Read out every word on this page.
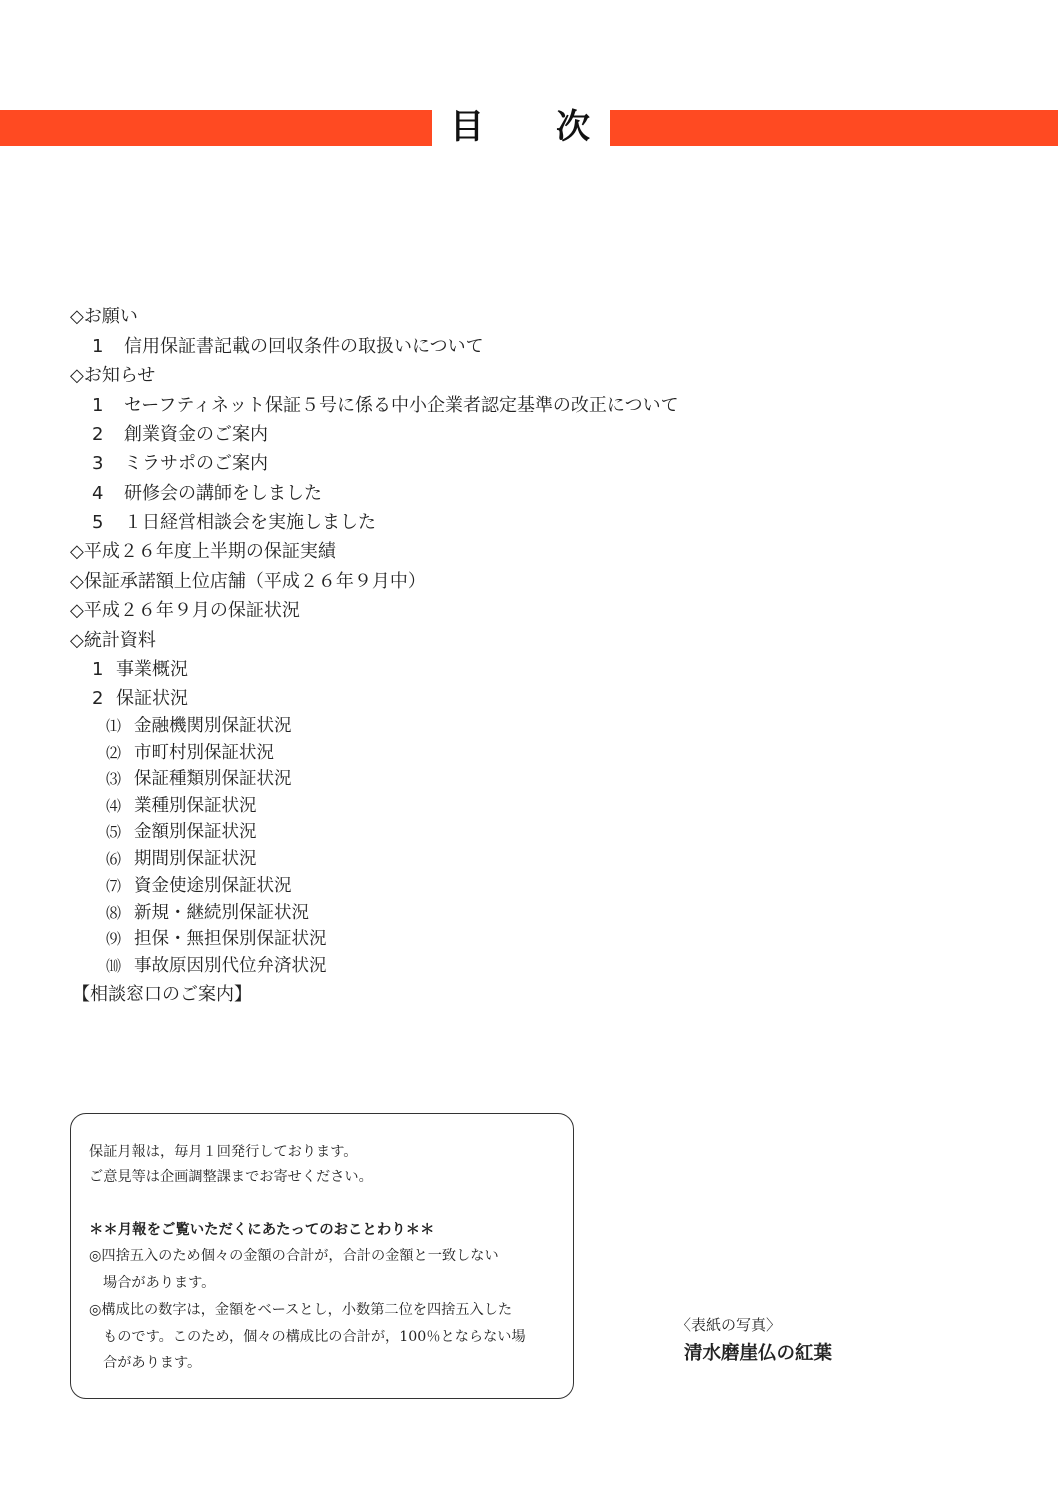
目 次
◇お願い
1 信用保証書記載の回収条件の取扱いについて
◇お知らせ
1 セーフティネット保証５号に係る中小企業者認定基準の改正について
2 創業資金のご案内
3 ミラサポのご案内
4 研修会の講師をしました
5 １日経営相談会を実施しました
◇平成２６年度上半期の保証実績
◇保証承諾額上位店舗（平成２６年９月中）
◇平成２６年９月の保証状況
◇統計資料
1 事業概況
2 保証状況
⑴ 金融機関別保証状況
⑵ 市町村別保証状況
⑶ 保証種類別保証状況
⑷ 業種別保証状況
⑸ 金額別保証状況
⑹ 期間別保証状況
⑺ 資金使途別保証状況
⑻ 新規・継続別保証状況
⑼ 担保・無担保別保証状況
⑽ 事故原因別代位弁済状況
【相談窓口のご案内】
保証月報は，毎月１回発行しております。
ご意見等は企画調整課までお寄せください。
＊＊月報をご覧いただくにあたってのおことわり＊＊
◎四捨五入のため個々の金額の合計が，合計の金額と一致しない
場合があります。
◎構成比の数字は，金額をベースとし，小数第二位を四捨五入した
ものです。このため，個々の構成比の合計が，100％とならない場
合があります。
〈表紙の写真〉
清水磨崖仏の紅葉
